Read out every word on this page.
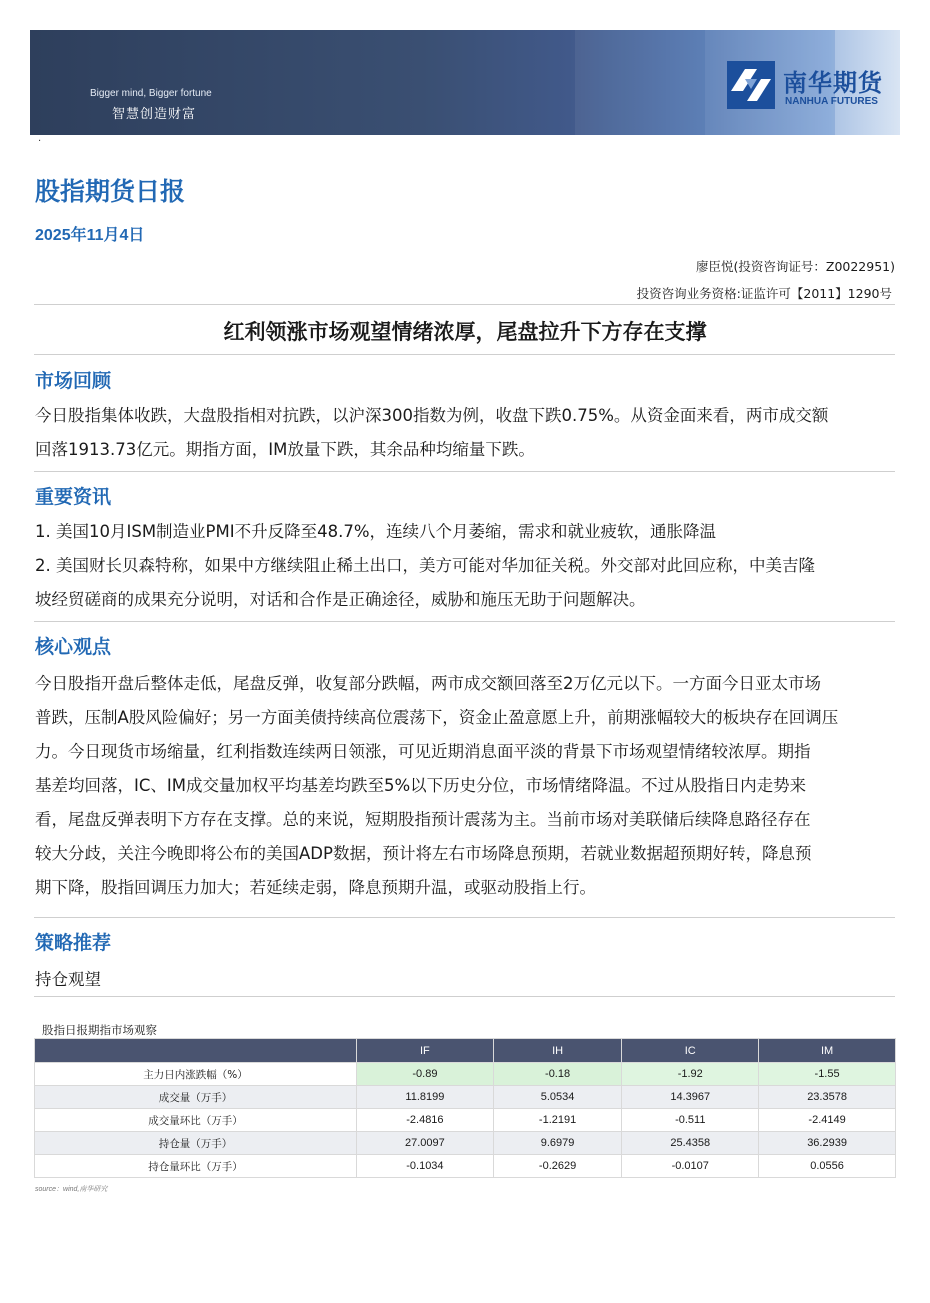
Bigger mind, Bigger fortune
智慧创造财富
南华期货
NANHUA FUTURES
·
股指期货日报
2025年11月4日
廖臣悦(投资咨询证号：Z0022951)
投资咨询业务资格:证监许可【2011】1290号
红利领涨市场观望情绪浓厚，尾盘拉升下方存在支撑
市场回顾
今日股指集体收跌，大盘股指相对抗跌，以沪深300指数为例，收盘下跌0.75%。从资金面来看，两市成交额
回落1913.73亿元。期指方面，IM放量下跌，其余品种均缩量下跌。
重要资讯
1. 美国10月ISM制造业PMI不升反降至48.7%，连续八个月萎缩，需求和就业疲软，通胀降温
2. 美国财长贝森特称，如果中方继续阻止稀土出口，美方可能对华加征关税。外交部对此回应称，中美吉隆
坡经贸磋商的成果充分说明，对话和合作是正确途径，威胁和施压无助于问题解决。
核心观点
今日股指开盘后整体走低，尾盘反弹，收复部分跌幅，两市成交额回落至2万亿元以下。一方面今日亚太市场
普跌，压制A股风险偏好；另一方面美债持续高位震荡下，资金止盈意愿上升，前期涨幅较大的板块存在回调压
力。今日现货市场缩量，红利指数连续两日领涨，可见近期消息面平淡的背景下市场观望情绪较浓厚。期指
基差均回落，IC、IM成交量加权平均基差均跌至5%以下历史分位，市场情绪降温。不过从股指日内走势来
看，尾盘反弹表明下方存在支撑。总的来说，短期股指预计震荡为主。当前市场对美联储后续降息路径存在
较大分歧，关注今晚即将公布的美国ADP数据，预计将左右市场降息预期，若就业数据超预期好转，降息预
期下降，股指回调压力加大；若延续走弱，降息预期升温，或驱动股指上行。
策略推荐
持仓观望
股指日报期指市场观察
	IF	IH	IC	IM
主力日内涨跌幅（%）	-0.89	-0.18	-1.92	-1.55
成交量（万手）	11.8199	5.0534	14.3967	23.3578
成交量环比（万手）	-2.4816	-1.2191	-0.511	-2.4149
持仓量（万手）	27.0097	9.6979	25.4358	36.2939
持仓量环比（万手）	-0.1034	-0.2629	-0.0107	0.0556
source：wind,南华研究
